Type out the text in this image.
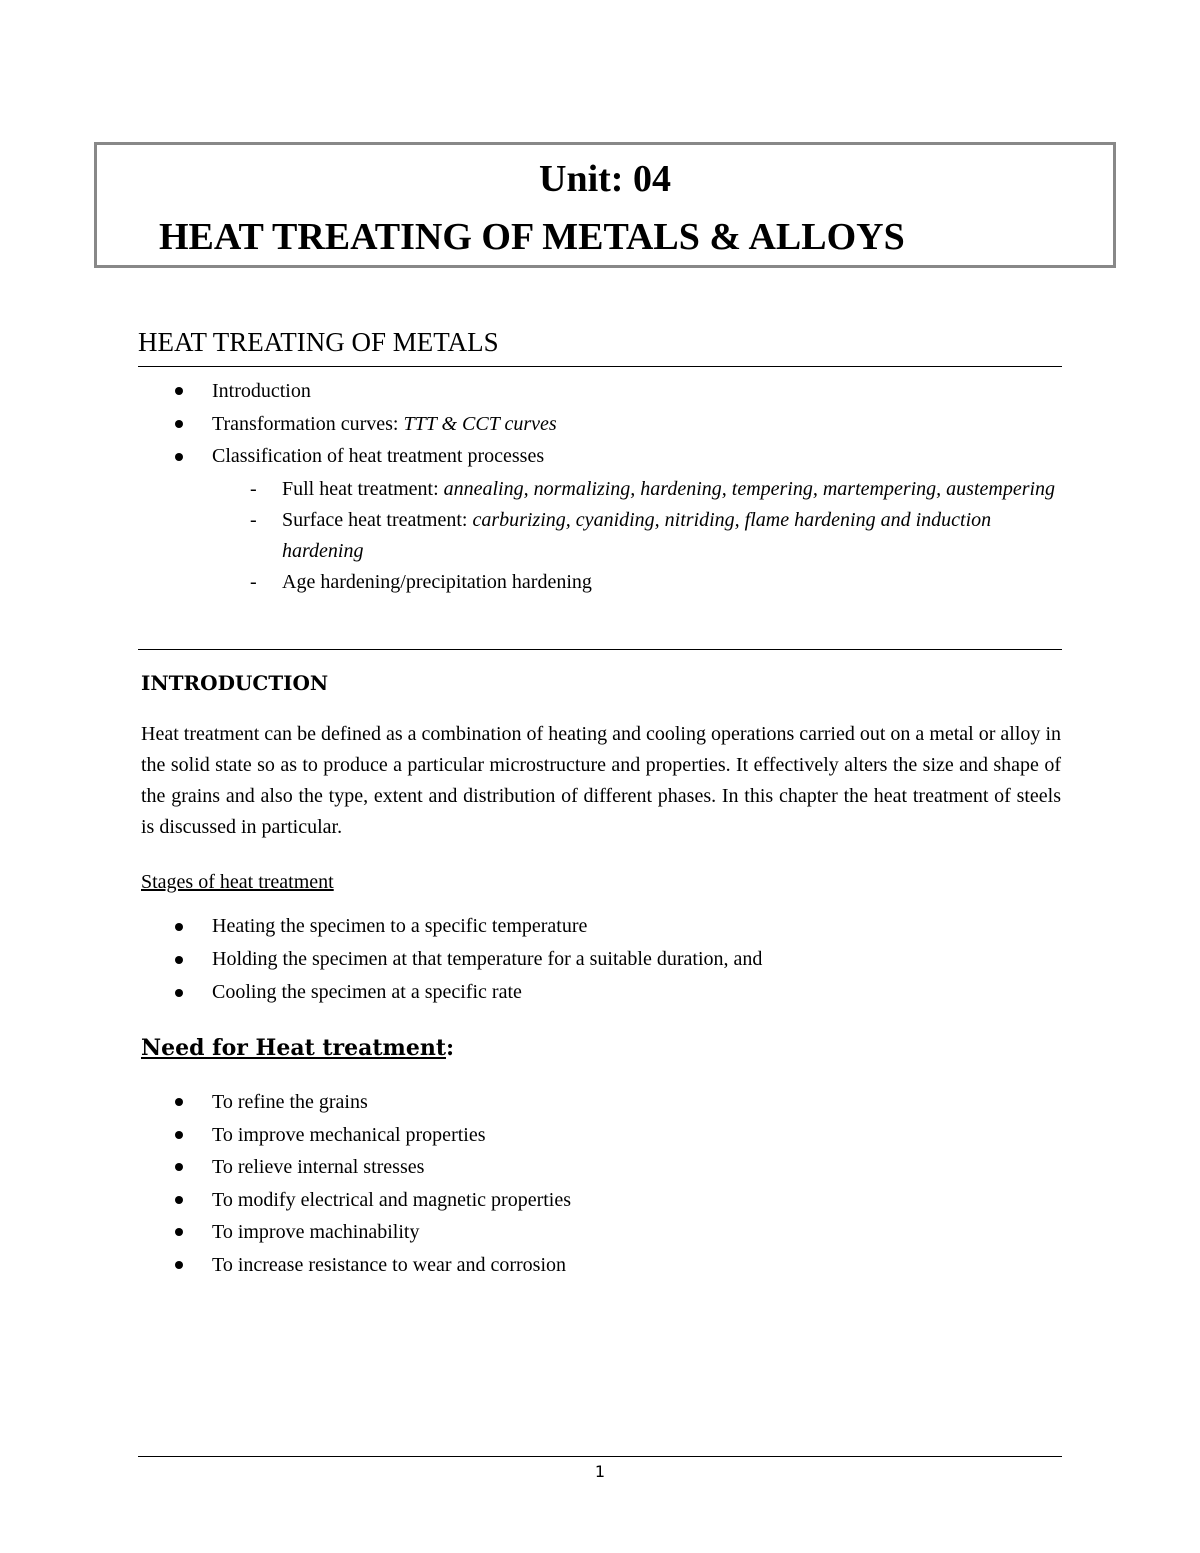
Unit: 04
HEAT TREATING OF METALS & ALLOYS
HEAT TREATING OF METALS
Introduction
Transformation curves: TTT & CCT curves
Classification of heat treatment processes
- Full heat treatment: annealing, normalizing, hardening, tempering, martempering, austempering
- Surface heat treatment: carburizing, cyaniding, nitriding, flame hardening and induction hardening
- Age hardening/precipitation hardening
INTRODUCTION

Heat treatment can be defined as a combination of heating and cooling operations carried out on a metal or alloy in the solid state so as to produce a particular microstructure and properties. It effectively alters the size and shape of the grains and also the type, extent and distribution of different phases. In this chapter the heat treatment of steels is discussed in particular.

Stages of heat treatment
Heating the specimen to a specific temperature
Holding the specimen at that temperature for a suitable duration, and
Cooling the specimen at a specific rate
Need for Heat treatment:
To refine the grains
To improve mechanical properties
To relieve internal stresses
To modify electrical and magnetic properties
To improve machinability
To increase resistance to wear and corrosion
1
